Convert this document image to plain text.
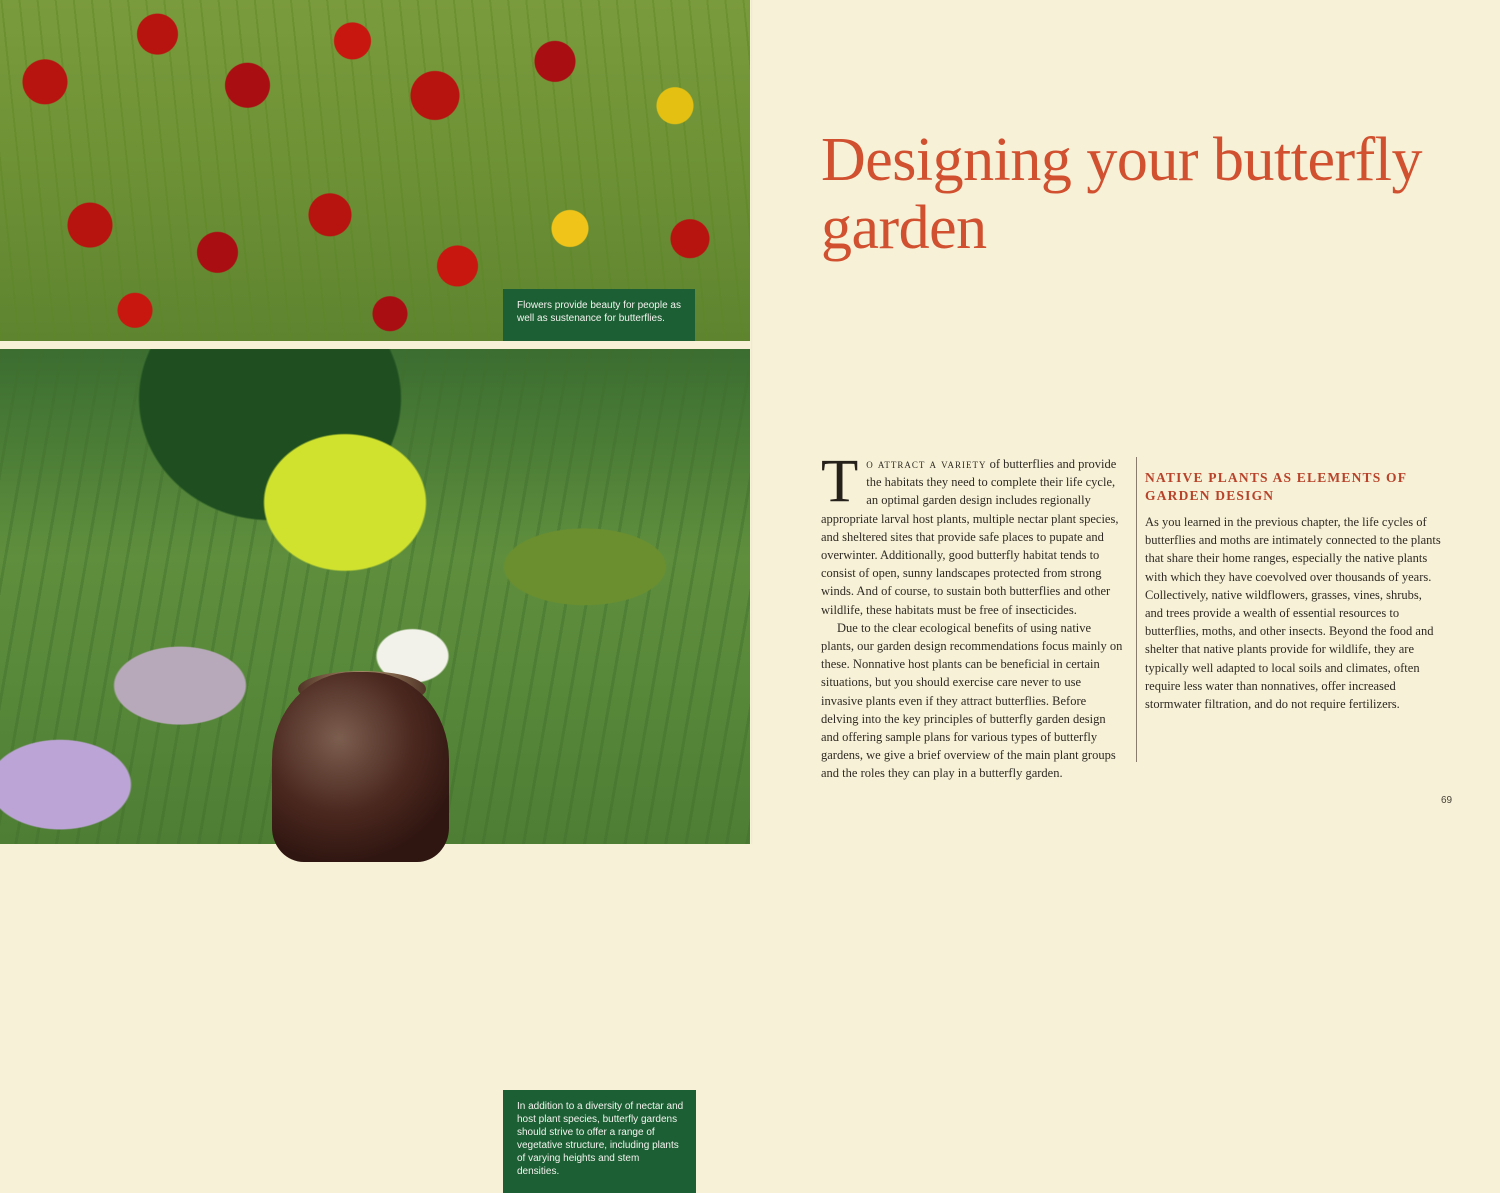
Flowers provide beauty for people as well as sustenance for butterflies.
In addition to a diversity of nectar and host plant species, butterfly gardens should strive to offer a range of vegetative structure, including plants of varying heights and stem densities.
Designing your butterfly garden

To attract a variety of butterflies and provide the habitats they need to complete their life cycle, an optimal garden design includes regionally appropriate larval host plants, multiple nectar plant species, and sheltered sites that provide safe places to pupate and overwinter. Additionally, good butterfly habitat tends to consist of open, sunny landscapes protected from strong winds. And of course, to sustain both butterflies and other wildlife, these habitats must be free of insecticides.

Due to the clear ecological benefits of using native plants, our garden design recommendations focus mainly on these. Nonnative host plants can be beneficial in certain situations, but you should exercise care never to use invasive plants even if they attract butterflies. Before delving into the key principles of butterfly garden design and offering sample plans for various types of butterfly gardens, we give a brief overview of the main plant groups and the roles they can play in a butterfly garden.

NATIVE PLANTS AS ELEMENTS OF GARDEN DESIGN

As you learned in the previous chapter, the life cycles of butterflies and moths are intimately connected to the plants that share their home ranges, especially the native plants with which they have coevolved over thousands of years. Collectively, native wildflowers, grasses, vines, shrubs, and trees provide a wealth of essential resources to butterflies, moths, and other insects. Beyond the food and shelter that native plants provide for wildlife, they are typically well adapted to local soils and climates, often require less water than nonnatives, offer increased stormwater filtration, and do not require fertilizers.

69
